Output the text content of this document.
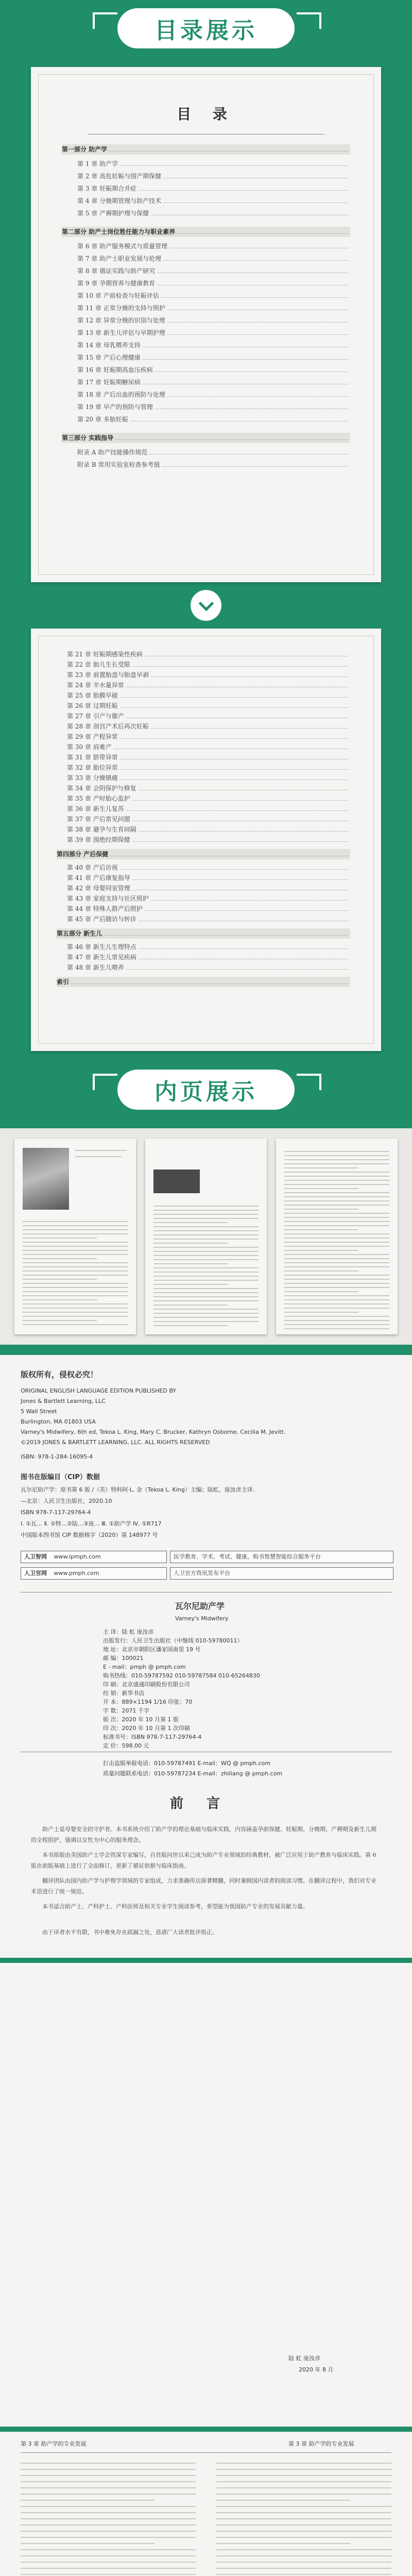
目录展示
目 录
第一部分 助产学
第 1 章 助产学
第 2 章 高危妊娠与围产期保健
第 3 章 妊娠期合并症
第 4 章 分娩期管理与助产技术
第 5 章 产褥期护理与保健
第二部分 助产士岗位胜任能力与职业素养
第 6 章 助产服务模式与质量管理
第 7 章 助产士职业发展与伦理
第 8 章 循证实践与助产研究
第 9 章 孕期营养与健康教育
第 10 章 产前检查与妊娠评估
第 11 章 正常分娩的支持与照护
第 12 章 异常分娩的识别与处理
第 13 章 新生儿评估与早期护理
第 14 章 母乳喂养支持
第 15 章 产后心理健康
第 16 章 妊娠期高血压疾病
第 17 章 妊娠期糖尿病
第 18 章 产后出血的预防与处理
第 19 章 早产的预防与管理
第 20 章 多胎妊娠
第三部分 实践指导
附录 A 助产技能操作规范
附录 B 常用实验室检查参考值
第 21 章 妊娠期感染性疾病
第 22 章 胎儿生长受限
第 23 章 前置胎盘与胎盘早剥
第 24 章 羊水量异常
第 25 章 胎膜早破
第 26 章 过期妊娠
第 27 章 引产与催产
第 28 章 剖宫产术后再次妊娠
第 29 章 产程异常
第 30 章 肩难产
第 31 章 脐带异常
第 32 章 胎位异常
第 33 章 分娩镇痛
第 34 章 会阴保护与修复
第 35 章 产时胎心监护
第 36 章 新生儿复苏
第 37 章 产后常见问题
第 38 章 避孕与生育间隔
第 39 章 围绝经期保健
第四部分 产后保健
第 40 章 产后访视
第 41 章 产后康复指导
第 42 章 母婴同室管理
第 43 章 家庭支持与社区照护
第 44 章 特殊人群产后照护
第 45 章 产后随访与转诊
第五部分 新生儿
第 46 章 新生儿生理特点
第 47 章 新生儿常见疾病
第 48 章 新生儿喂养
索引
内页展示
版权所有，侵权必究！
ORIGINAL ENGLISH LANGUAGE EDITION PUBLISHED BY
Jones & Bartlett Learning, LLC
5 Wall Street
Burlington, MA 01803 USA
Varney's Midwifery, 6th ed, Tekoa L. King, Mary C. Brucker, Kathryn Osborne, Cecilia M. Jevitt.
©2019 JONES & BARTLETT LEARNING, LLC. ALL RIGHTS RESERVED
ISBN: 978-1-284-16095-4
图书在版编目（CIP）数据
瓦尔尼助产学：原书第 6 版 /（美）特科阿·L. 金（Tekoa L. King）主编；陆虹，庞汝彦主译.
—北京：人民卫生出版社，2020.10
ISBN 978-7-117-29764-4
Ⅰ. ①瓦… Ⅱ. ①特…②陆…③庞… Ⅲ. ①助产学 Ⅳ. ①R717
中国版本图书馆 CIP 数据核字（2020）第 148977 号
人卫智网 www.ipmph.com	医学教育、学术、考试、健康，购书智慧智能综合服务平台
人卫官网 www.pmph.com	人卫官方资讯发布平台
瓦尔尼助产学
Varney's Midwifery
主 译：陆 虹 庞汝彦
出版发行：人民卫生出版社（中继线 010-59780011）
地 址：北京市朝阳区潘家园南里 19 号
邮 编：100021
E - mail：pmph @ pmph.com
购书热线：010-59787592 010-59787584 010-65264830
印 刷：北京盛通印刷股份有限公司
经 销：新华书店
开 本：889×1194 1/16 印张：70
字 数：2071 千字
版 次：2020 年 10 月第 1 版
印 次：2020 年 10 月第 1 次印刷
标准书号：ISBN 978-7-117-29764-4
定 价：598.00 元
打击盗版举报电话：010-59787491 E-mail：WQ @ pmph.com
质量问题联系电话：010-59787234 E-mail：zhiliang @ pmph.com
前 言
　　助产士是母婴安全的守护者。本书系统介绍了助产学的理论基础与临床实践，内容涵盖孕前保健、妊娠期、分娩期、产褥期及新生儿期的全程照护，强调以女性为中心的服务理念。
　　本书原版由美国助产士学会资深专家编写，自首版问世以来已成为助产专业领域的经典教材，被广泛应用于助产教育与临床实践。第 6 版在前版基础上进行了全面修订，更新了循证依据与临床指南。
　　翻译团队由国内助产学与护理学领域的专家组成，力求准确传达原著精髓，同时兼顾国内读者的阅读习惯。在翻译过程中，我们对专业术语进行了统一规范。
　　本书适合助产士、产科护士、产科医师及相关专业学生阅读参考，希望能为我国助产专业的发展贡献力量。
　　由于译者水平有限，书中难免存在疏漏之处，恳请广大读者批评指正。
陆 虹 庞汝彦
2020 年 8 月
第 3 章 助产学的专业发展	第 3 章 助产学的专业发展
